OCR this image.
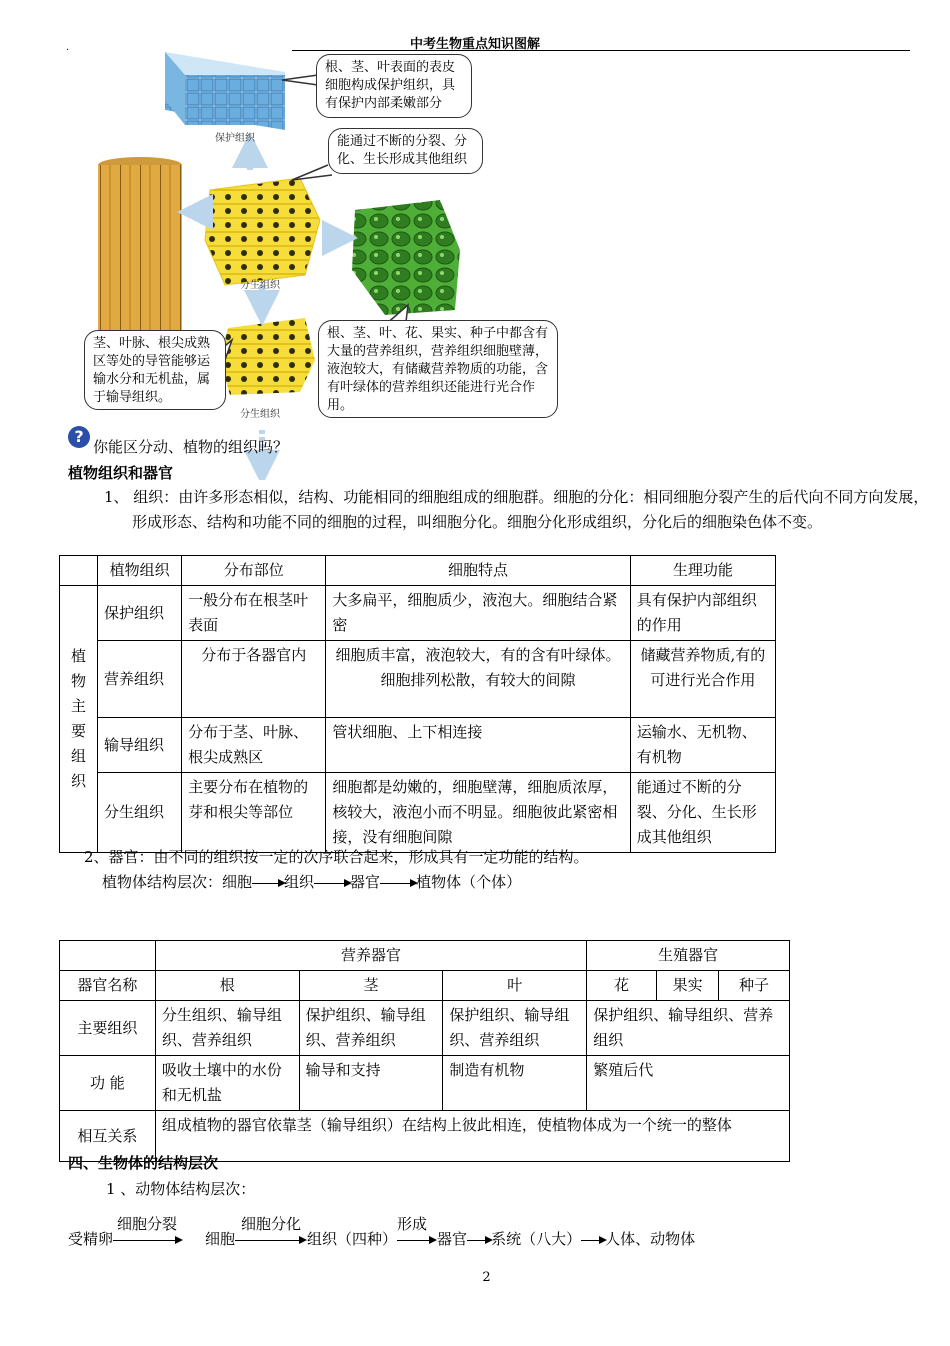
.	中考生物重点知识图解
保护组织
分生组织
分生组织
根、茎、叶表面的表皮细胞构成保护组织，具有保护内部柔嫩部分
能通过不断的分裂、分化、生长形成其他组织
茎、叶脉、根尖成熟区等处的导管能够运输水分和无机盐，属于输导组织。
根、茎、叶、花、果实、种子中都含有大量的营养组织，营养组织细胞壁薄，液泡较大，有储藏营养物质的功能，含有叶绿体的营养组织还能进行光合作用。
?
你能区分动、植物的组织吗？
植物组织和器官
1、 组织：由许多形态相似，结构、功能相同的细胞组成的细胞群。细胞的分化：相同细胞分裂产生的后代向不同方向发展，形成形态、结构和功能不同的细胞的过程，叫细胞分化。细胞分化形成组织，分化后的细胞染色体不变。
	植物组织	分布部位	细胞特点	生理功能
植物主要组织	保护组织	一般分布在根茎叶表面	大多扁平，细胞质少，液泡大。细胞结合紧密	具有保护内部组织的作用
	营养组织	分布于各器官内	细胞质丰富，液泡较大，有的含有叶绿体。细胞排列松散，有较大的间隙	储藏营养物质,有的可进行光合作用
	输导组织	分布于茎、叶脉、根尖成熟区	管状细胞、上下相连接	运输水、无机物、有机物
	分生组织	主要分布在植物的芽和根尖等部位	细胞都是幼嫩的，细胞壁薄，细胞质浓厚，核较大，液泡小而不明显。细胞彼此紧密相接，没有细胞间隙	能通过不断的分裂、分化、生长形成其他组织
2、器官：由不同的组织按一定的次序联合起来，形成具有一定功能的结构。
植物体结构层次：细胞 组织 器官 植物体（个体）
	营养器官			生殖器官		
器官名称	根	茎	叶	花	果实	种子
主要组织	分生组织、输导组织、营养组织	保护组织、输导组织、营养组织	保护组织、输导组织、营养组织	保护组织、输导组织、营养组织		
功 能	吸收土壤中的水份和无机盐	输导和支持	制造有机物	繁殖后代		
相互关系	组成植物的器官依靠茎（输导组织）在结构上彼此相连，使植物体成为一个统一的整体					
四、生物体的结构层次
1 、动物体结构层次：
受精卵
细胞分裂
细胞
细胞分化
组织（四种）
形成
器官 系统（八大） 人体、动物体
2
